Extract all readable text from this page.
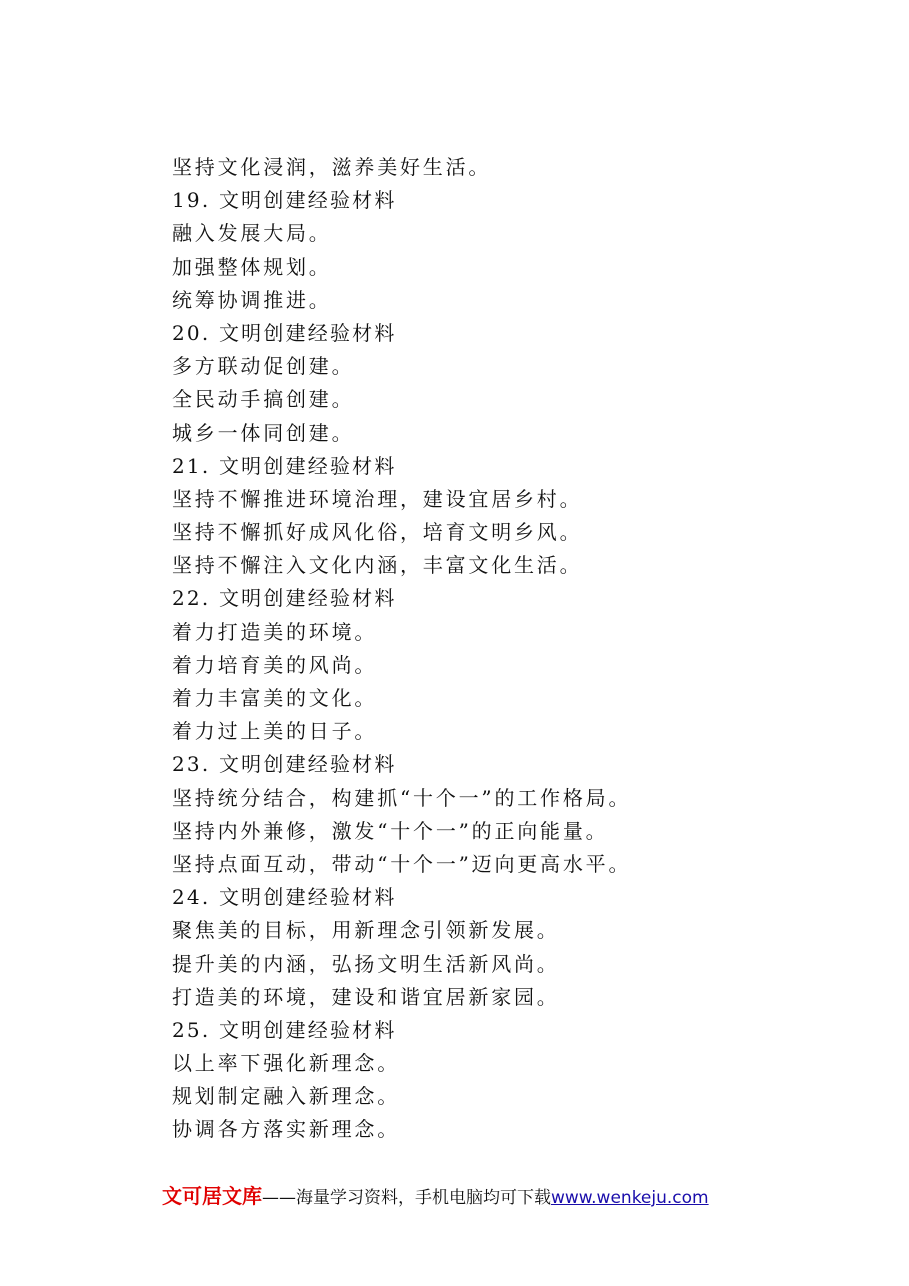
坚持文化浸润，滋养美好生活。
19. 文明创建经验材料
融入发展大局。
加强整体规划。
统筹协调推进。
20. 文明创建经验材料
多方联动促创建。
全民动手搞创建。
城乡一体同创建。
21. 文明创建经验材料
坚持不懈推进环境治理，建设宜居乡村。
坚持不懈抓好成风化俗，培育文明乡风。
坚持不懈注入文化内涵，丰富文化生活。
22. 文明创建经验材料
着力打造美的环境。
着力培育美的风尚。
着力丰富美的文化。
着力过上美的日子。
23. 文明创建经验材料
坚持统分结合，构建抓“十个一”的工作格局。
坚持内外兼修，激发“十个一”的正向能量。
坚持点面互动，带动“十个一”迈向更高水平。
24. 文明创建经验材料
聚焦美的目标，用新理念引领新发展。
提升美的内涵，弘扬文明生活新风尚。
打造美的环境，建设和谐宜居新家园。
25. 文明创建经验材料
以上率下强化新理念。
规划制定融入新理念。
协调各方落实新理念。
文可居文库——海量学习资料，手机电脑均可下载www.wenkeju.com
